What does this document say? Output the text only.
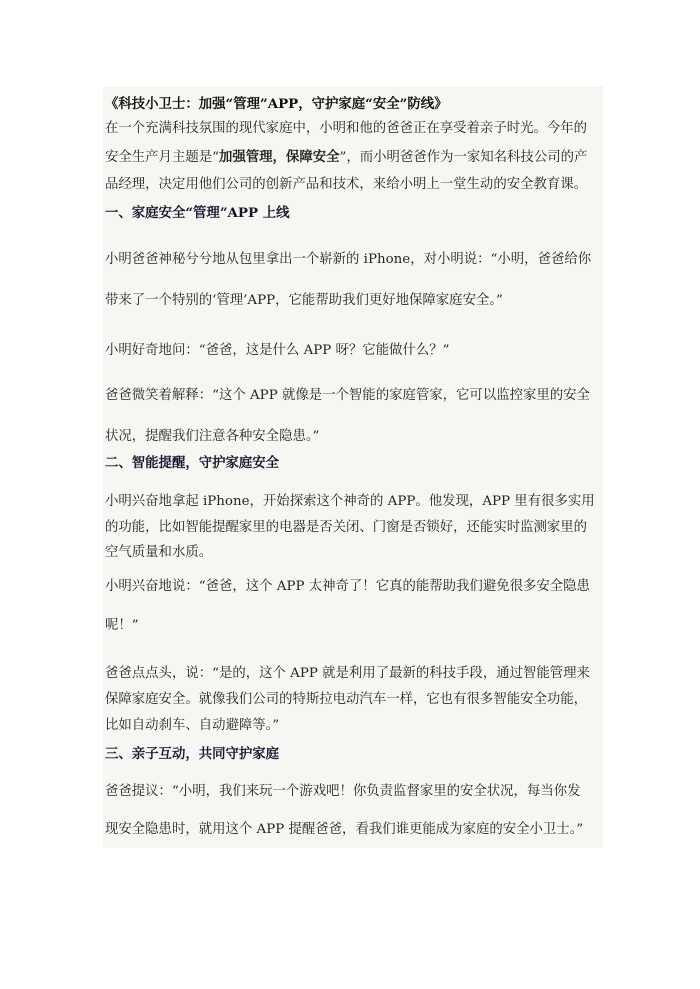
《科技小卫士：加强“管理”APP，守护家庭“安全”防线》
在一个充满科技氛围的现代家庭中，小明和他的爸爸正在享受着亲子时光。今年的
安全生产月主题是“加强管理，保障安全”，而小明爸爸作为一家知名科技公司的产
品经理，决定用他们公司的创新产品和技术，来给小明上一堂生动的安全教育课。
一、家庭安全“管理”APP 上线
小明爸爸神秘兮兮地从包里拿出一个崭新的 iPhone，对小明说：“小明，爸爸给你
带来了一个特别的‘管理’APP，它能帮助我们更好地保障家庭安全。”
小明好奇地问：“爸爸，这是什么 APP 呀？它能做什么？”
爸爸微笑着解释：“这个 APP 就像是一个智能的家庭管家，它可以监控家里的安全
状况，提醒我们注意各种安全隐患。”
二、智能提醒，守护家庭安全
小明兴奋地拿起 iPhone，开始探索这个神奇的 APP。他发现，APP 里有很多实用
的功能，比如智能提醒家里的电器是否关闭、门窗是否锁好，还能实时监测家里的
空气质量和水质。
小明兴奋地说：“爸爸，这个 APP 太神奇了！它真的能帮助我们避免很多安全隐患
呢！”
爸爸点点头，说：“是的，这个 APP 就是利用了最新的科技手段，通过智能管理来
保障家庭安全。就像我们公司的特斯拉电动汽车一样，它也有很多智能安全功能，
比如自动刹车、自动避障等。”
三、亲子互动，共同守护家庭
爸爸提议：“小明，我们来玩一个游戏吧！你负责监督家里的安全状况，每当你发
现安全隐患时，就用这个 APP 提醒爸爸，看我们谁更能成为家庭的安全小卫士。”
